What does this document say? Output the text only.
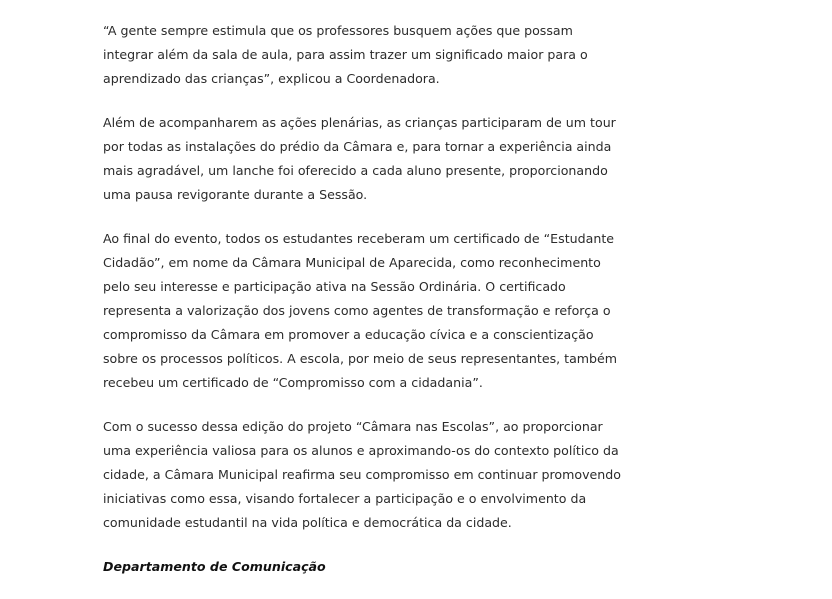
“A gente sempre estimula que os professores busquem ações que possam integrar além da sala de aula, para assim trazer um significado maior para o aprendizado das crianças”, explicou a Coordenadora.

Além de acompanharem as ações plenárias, as crianças participaram de um tour por todas as instalações do prédio da Câmara e, para tornar a experiência ainda mais agradável, um lanche foi oferecido a cada aluno presente, proporcionando uma pausa revigorante durante a Sessão.

Ao final do evento, todos os estudantes receberam um certificado de “Estudante Cidadão”, em nome da Câmara Municipal de Aparecida, como reconhecimento pelo seu interesse e participação ativa na Sessão Ordinária. O certificado representa a valorização dos jovens como agentes de transformação e reforça o compromisso da Câmara em promover a educação cívica e a conscientização sobre os processos políticos. A escola, por meio de seus representantes, também recebeu um certificado de “Compromisso com a cidadania”.

Com o sucesso dessa edição do projeto “Câmara nas Escolas”, ao proporcionar uma experiência valiosa para os alunos e aproximando-os do contexto político da cidade, a Câmara Municipal reafirma seu compromisso em continuar promovendo iniciativas como essa, visando fortalecer a participação e o envolvimento da comunidade estudantil na vida política e democrática da cidade.

Departamento de Comunicação
